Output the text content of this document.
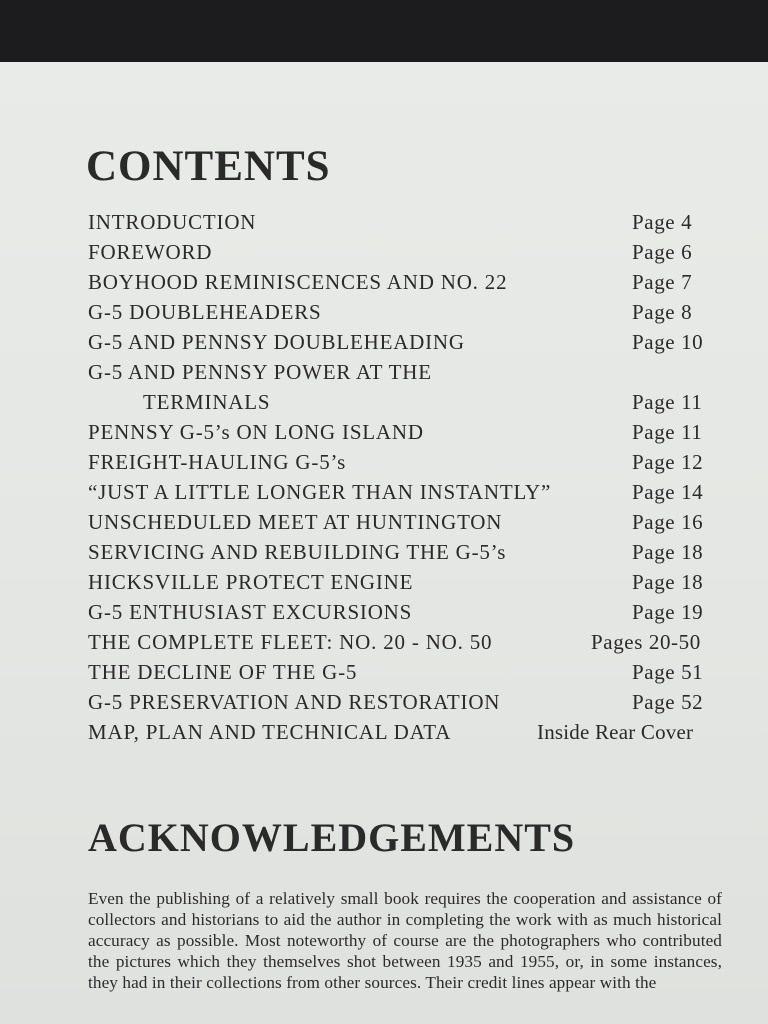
CONTENTS
INTRODUCTION	Page 4
FOREWORD	Page 6
BOYHOOD REMINISCENCES AND NO. 22	Page 7
G-5 DOUBLEHEADERS	Page 8
G-5 AND PENNSY DOUBLEHEADING	Page 10
G-5 AND PENNSY POWER AT THE
TERMINALS	Page 11
PENNSY G-5’s ON LONG ISLAND	Page 11
FREIGHT-HAULING G-5’s	Page 12
“JUST A LITTLE LONGER THAN INSTANTLY”	Page 14
UNSCHEDULED MEET AT HUNTINGTON	Page 16
SERVICING AND REBUILDING THE G-5’s	Page 18
HICKSVILLE PROTECT ENGINE	Page 18
G-5 ENTHUSIAST EXCURSIONS	Page 19
THE COMPLETE FLEET: NO. 20 - NO. 50	Pages 20-50
THE DECLINE OF THE G-5	Page 51
G-5 PRESERVATION AND RESTORATION	Page 52
MAP, PLAN AND TECHNICAL DATA	Inside Rear Cover
ACKNOWLEDGEMENTS

Even the publishing of a relatively small book requires the cooperation and assistance of collectors and historians to aid the author in completing the work with as much historical accuracy as possible. Most noteworthy of course are the photographers who contributed the pictures which they themselves shot between 1935 and 1955, or, in some instances, they had in their collections from other sources. Their credit lines appear with the
